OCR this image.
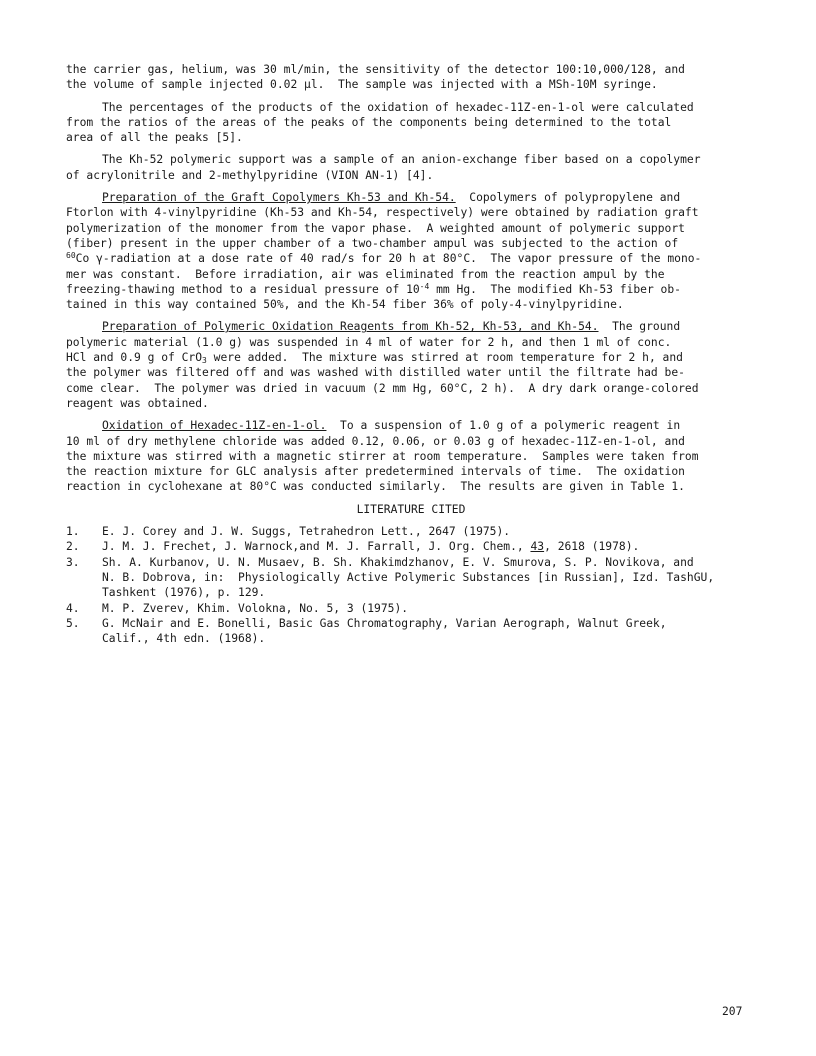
the carrier gas, helium, was 30 ml/min, the sensitivity of the detector 100:10,000/128, and
the volume of sample injected 0.02 µl.  The sample was injected with a MSh-10M syringe.
The percentages of the products of the oxidation of hexadec-11Z-en-1-ol were calculated
from the ratios of the areas of the peaks of the components being determined to the total
area of all the peaks [5].
The Kh-52 polymeric support was a sample of an anion-exchange fiber based on a copolymer
of acrylonitrile and 2-methylpyridine (VION AN-1) [4].
Preparation of the Graft Copolymers Kh-53 and Kh-54.  Copolymers of polypropylene and
Ftorlon with 4-vinylpyridine (Kh-53 and Kh-54, respectively) were obtained by radiation graft
polymerization of the monomer from the vapor phase.  A weighted amount of polymeric support
(fiber) present in the upper chamber of a two-chamber ampul was subjected to the action of
$^{60}$Co γ-radiation at a dose rate of 40 rad/s for 20 h at 80°C.  The vapor pressure of the mono-
mer was constant.  Before irradiation, air was eliminated from the reaction ampul by the
freezing-thawing method to a residual pressure of $10^{-4}$ mm Hg.  The modified Kh-53 fiber ob-
tained in this way contained 50%, and the Kh-54 fiber 36% of poly-4-vinylpyridine.
Preparation of Polymeric Oxidation Reagents from Kh-52, Kh-53, and Kh-54.  The ground
polymeric material (1.0 g) was suspended in 4 ml of water for 2 h, and then 1 ml of conc.
HCl and 0.9 g of CrO$_3$ were added.  The mixture was stirred at room temperature for 2 h, and
the polymer was filtered off and was washed with distilled water until the filtrate had be-
come clear.  The polymer was dried in vacuum (2 mm Hg, 60°C, 2 h).  A dry dark orange-colored
reagent was obtained.
Oxidation of Hexadec-11Z-en-1-ol.  To a suspension of 1.0 g of a polymeric reagent in
10 ml of dry methylene chloride was added 0.12, 0.06, or 0.03 g of hexadec-11Z-en-1-ol, and
the mixture was stirred with a magnetic stirrer at room temperature.  Samples were taken from
the reaction mixture for GLC analysis after predetermined intervals of time.  The oxidation
reaction in cyclohexane at 80°C was conducted similarly.  The results are given in Table 1.
LITERATURE CITED
1.	E. J. Corey and J. W. Suggs, Tetrahedron Lett., 2647 (1975).
2.	J. M. J. Frechet, J. Warnock,and M. J. Farrall, J. Org. Chem., 43, 2618 (1978).
3.	Sh. A. Kurbanov, U. N. Musaev, B. Sh. Khakimdzhanov, E. V. Smurova, S. P. Novikova, and
N. B. Dobrova, in:  Physiologically Active Polymeric Substances [in Russian], Izd. TashGU,
Tashkent (1976), p. 129.
4.	M. P. Zverev, Khim. Volokna, No. 5, 3 (1975).
5.	G. McNair and E. Bonelli, Basic Gas Chromatography, Varian Aerograph, Walnut Greek,
Calif., 4th edn. (1968).
207
